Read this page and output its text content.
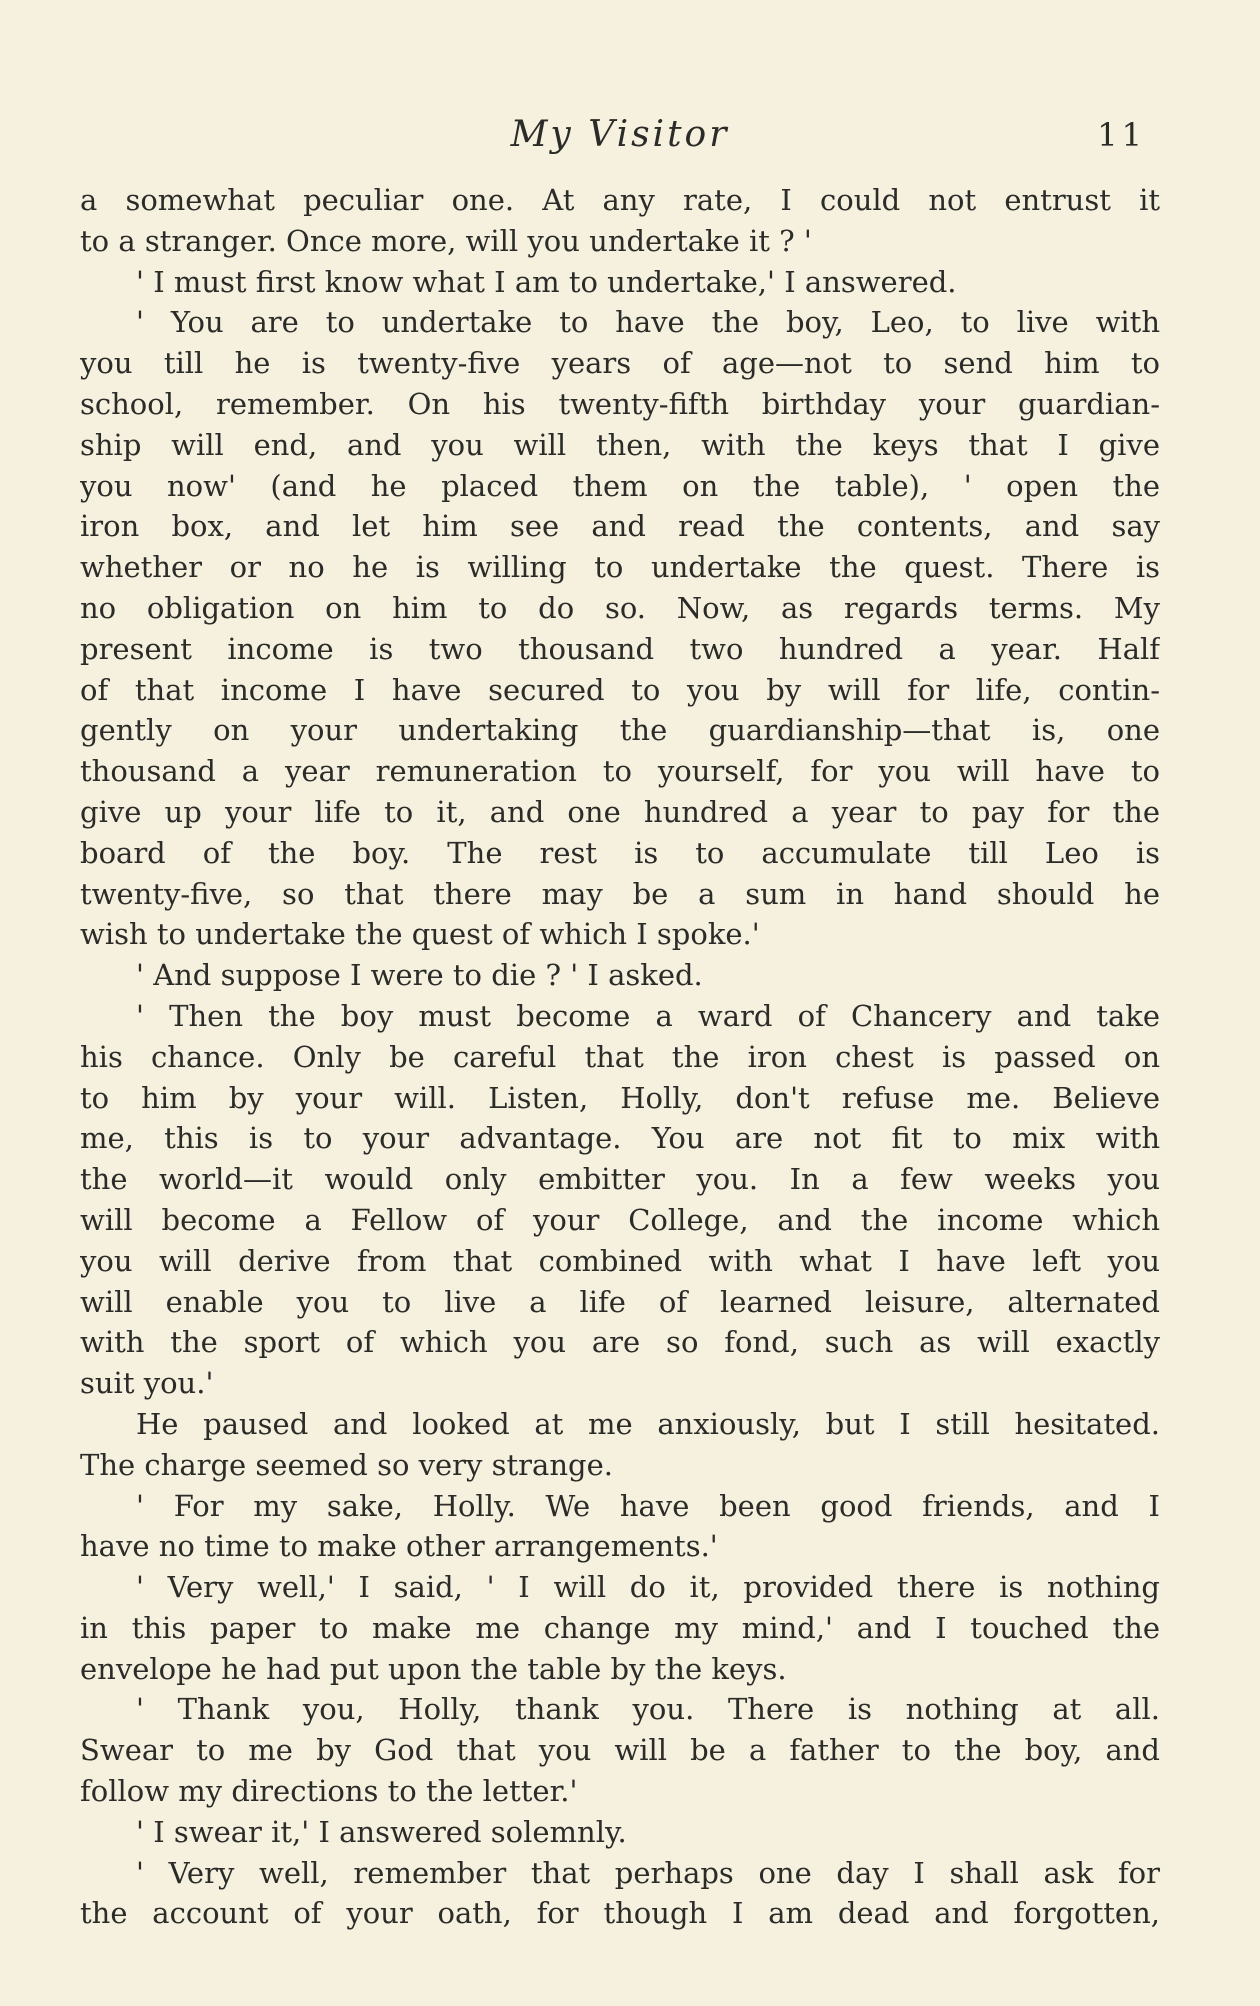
My Visitor	11
a somewhat peculiar one. At any rate, I could not entrust it
to a stranger. Once more, will you undertake it ? '
' I must first know what I am to undertake,' I answered.
' You are to undertake to have the boy, Leo, to live with
you till he is twenty-five years of age—not to send him to
school, remember. On his twenty-fifth birthday your guardian-
ship will end, and you will then, with the keys that I give
you now' (and he placed them on the table), ' open the
iron box, and let him see and read the contents, and say
whether or no he is willing to undertake the quest. There is
no obligation on him to do so. Now, as regards terms. My
present income is two thousand two hundred a year. Half
of that income I have secured to you by will for life, contin-
gently on your undertaking the guardianship—that is, one
thousand a year remuneration to yourself, for you will have to
give up your life to it, and one hundred a year to pay for the
board of the boy. The rest is to accumulate till Leo is
twenty-five, so that there may be a sum in hand should he
wish to undertake the quest of which I spoke.'
' And suppose I were to die ? ' I asked.
' Then the boy must become a ward of Chancery and take
his chance. Only be careful that the iron chest is passed on
to him by your will. Listen, Holly, don't refuse me. Believe
me, this is to your advantage. You are not fit to mix with
the world—it would only embitter you. In a few weeks you
will become a Fellow of your College, and the income which
you will derive from that combined with what I have left you
will enable you to live a life of learned leisure, alternated
with the sport of which you are so fond, such as will exactly
suit you.'
He paused and looked at me anxiously, but I still hesitated.
The charge seemed so very strange.
' For my sake, Holly. We have been good friends, and I
have no time to make other arrangements.'
' Very well,' I said, ' I will do it, provided there is nothing
in this paper to make me change my mind,' and I touched the
envelope he had put upon the table by the keys.
' Thank you, Holly, thank you. There is nothing at all.
Swear to me by God that you will be a father to the boy, and
follow my directions to the letter.'
' I swear it,' I answered solemnly.
' Very well, remember that perhaps one day I shall ask for
the account of your oath, for though I am dead and forgotten,
